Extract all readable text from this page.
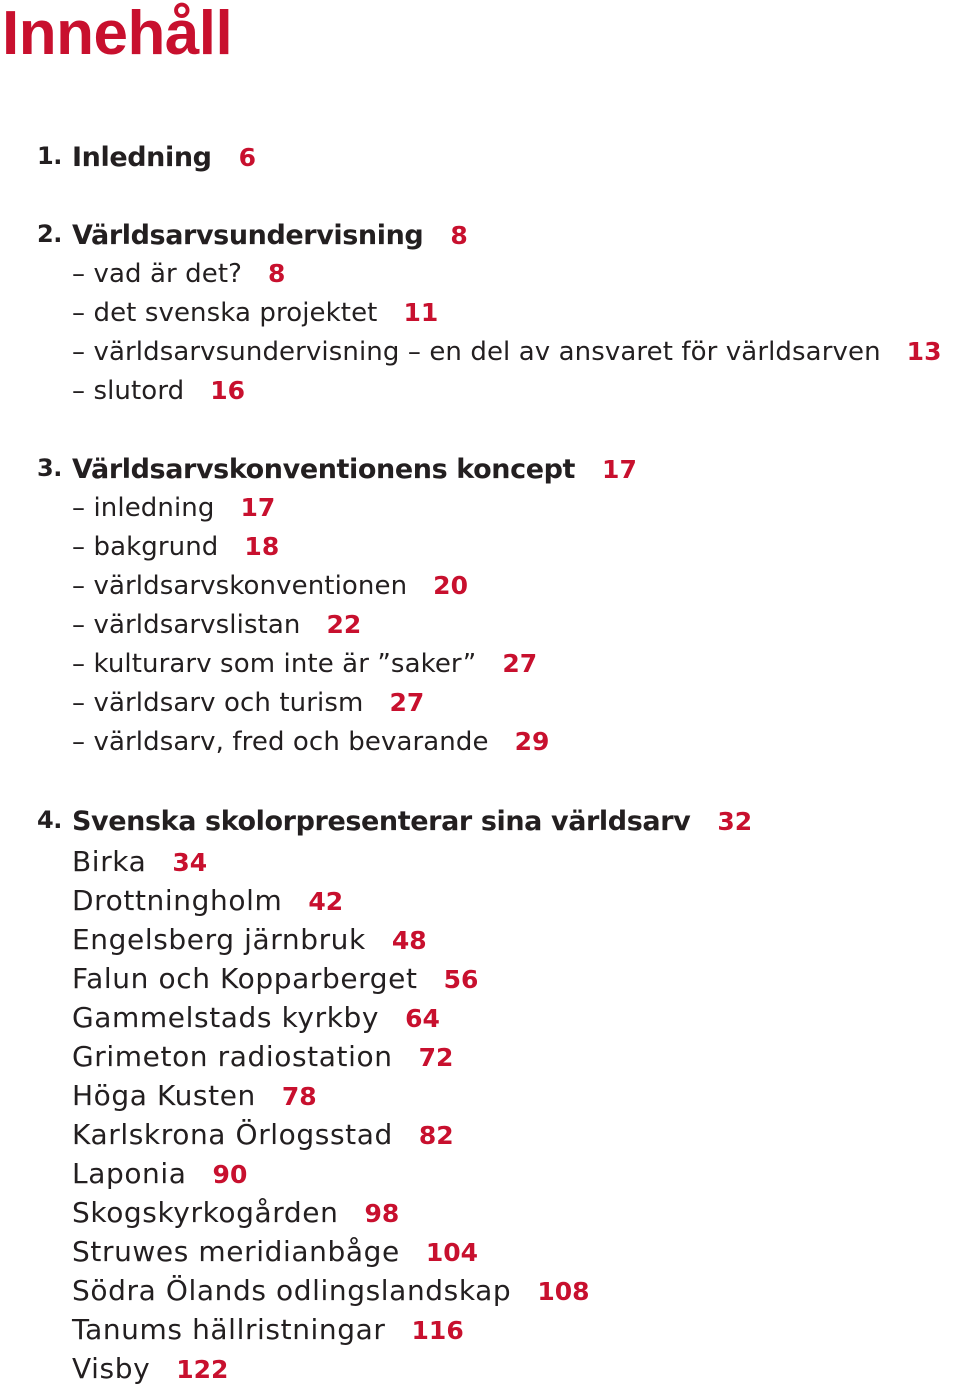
Innehåll
1. Inledning 6
2. Världsarvsundervisning 8
– vad är det? 8
– det svenska projektet 11
– världsarvsundervisning – en del av ansvaret för världsarven 13
– slutord 16
3. Världsarvskonventionens koncept 17
– inledning 17
– bakgrund 18
– världsarvskonventionen 20
– världsarvslistan 22
– kulturarv som inte är ”saker” 27
– världsarv och turism 27
– världsarv, fred och bevarande 29
4. Svenska skolorpresenterar sina världsarv 32
Birka 34
Drottningholm 42
Engelsberg järnbruk 48
Falun och Kopparberget 56
Gammelstads kyrkby 64
Grimeton radiostation 72
Höga Kusten 78
Karlskrona Örlogsstad 82
Laponia 90
Skogskyrkogården 98
Struwes meridianbåge 104
Södra Ölands odlingslandskap 108
Tanums hällristningar 116
Visby 122
